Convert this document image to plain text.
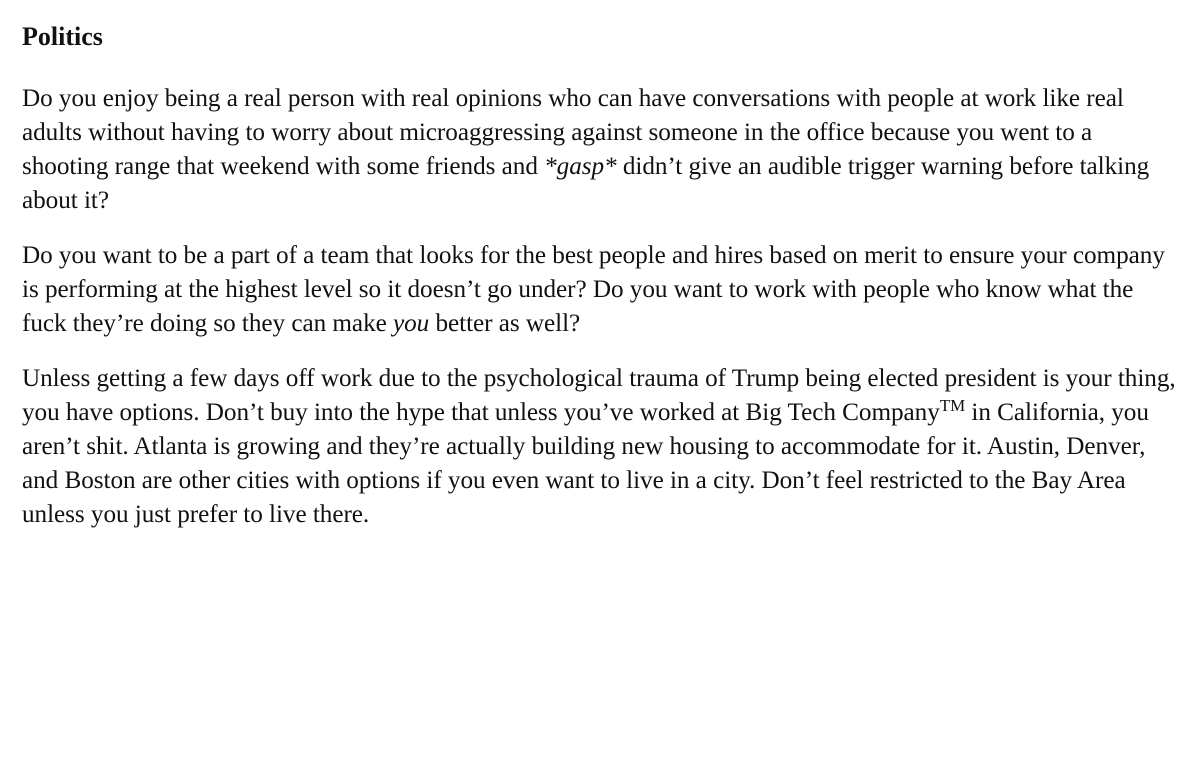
Politics

Do you enjoy being a real person with real opinions who can have conversations with people at work like real adults without having to worry about microaggressing against someone in the office because you went to a shooting range that weekend with some friends and *gasp* didn’t give an audible trigger warning before talking about it?

Do you want to be a part of a team that looks for the best people and hires based on merit to ensure your company is performing at the highest level so it doesn’t go under? Do you want to work with people who know what the fuck they’re doing so they can make you better as well?

Unless getting a few days off work due to the psychological trauma of Trump being elected president is your thing, you have options. Don’t buy into the hype that unless you’ve worked at Big Tech Company™ in California, you aren’t shit. Atlanta is growing and they’re actually building new housing to accommodate for it. Austin, Denver, and Boston are other cities with options if you even want to live in a city. Don’t feel restricted to the Bay Area unless you just prefer to live there.
